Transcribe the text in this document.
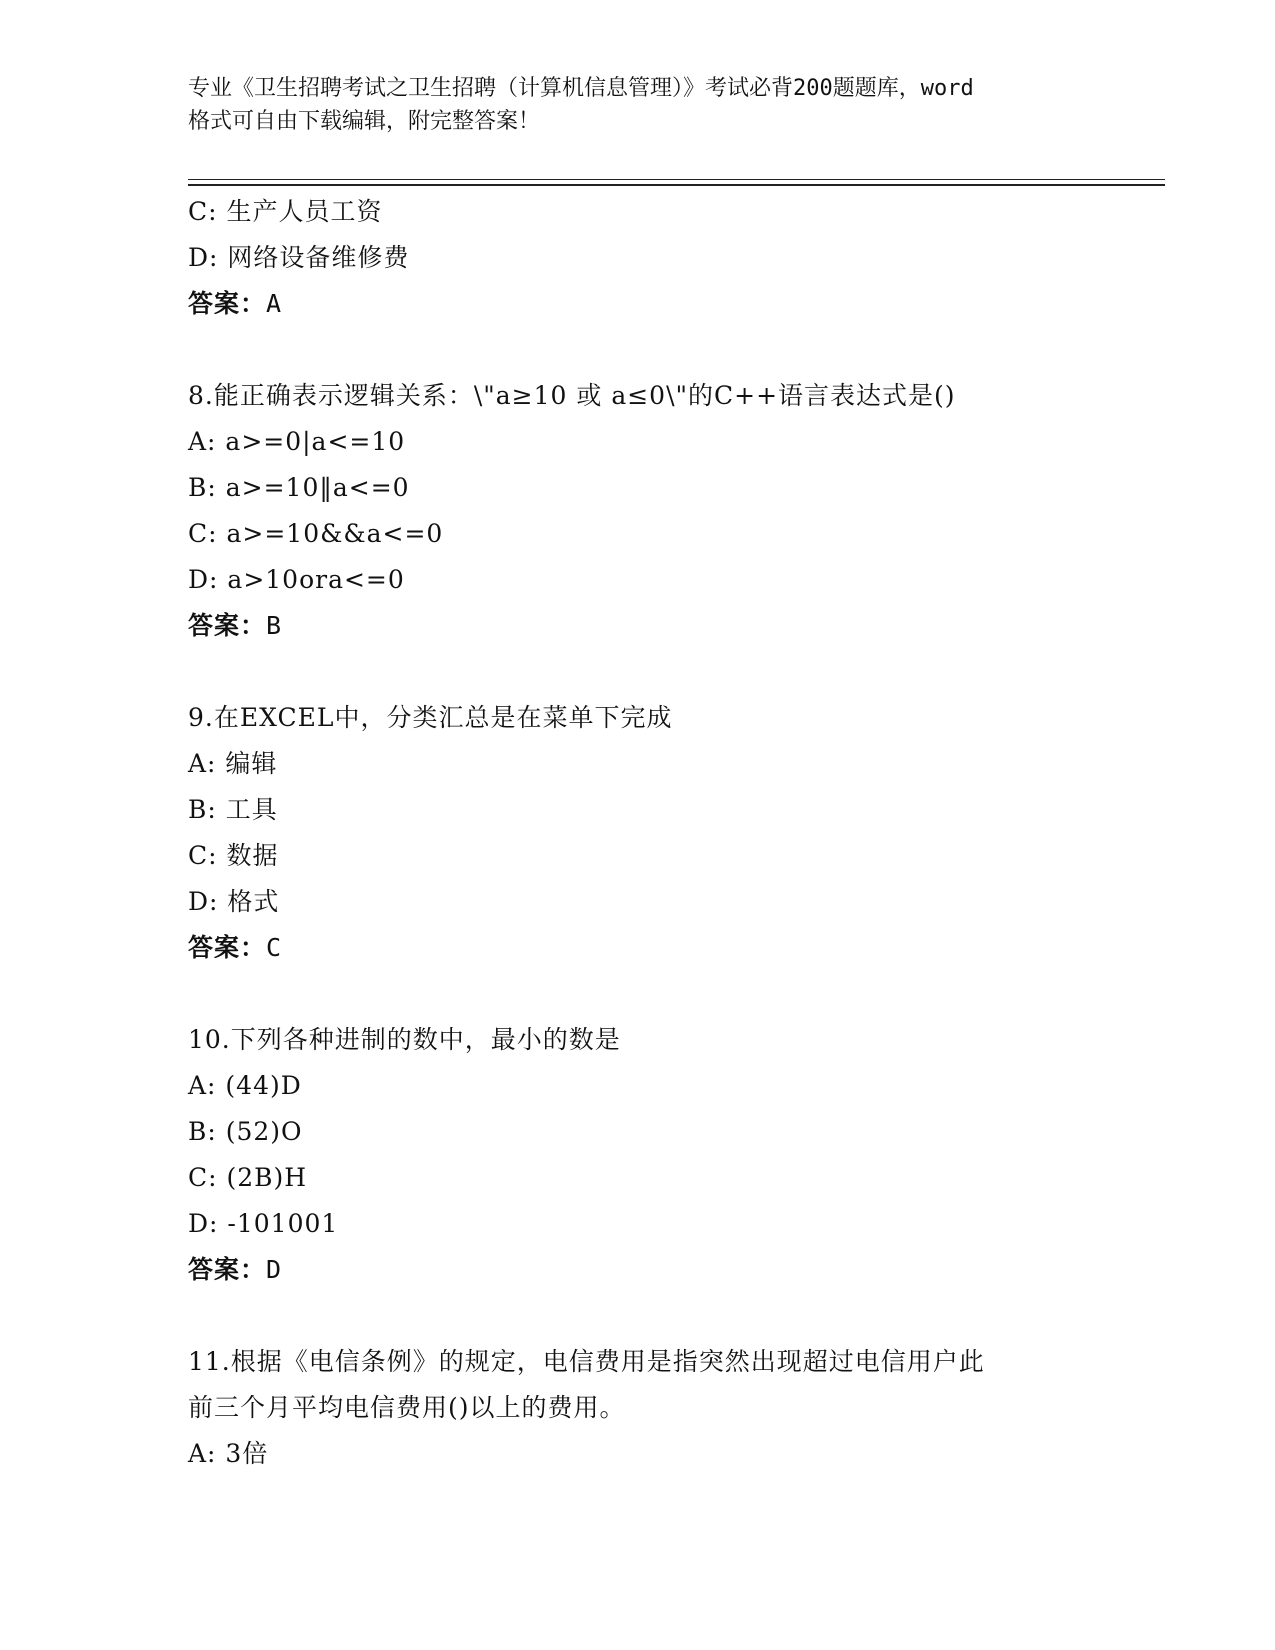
专业《卫生招聘考试之卫生招聘（计算机信息管理）》考试必背200题题库，word
格式可自由下载编辑，附完整答案！
C: 生产人员工资
D: 网络设备维修费
答案：A
8.能正确表示逻辑关系：\"a≥10 或 a≤0\"的C++语言表达式是()
A: a>=0|a<=10
B: a>=10‖a<=0
C: a>=10&&a<=0
D: a>10ora<=0
答案：B
9.在EXCEL中，分类汇总是在菜单下完成
A: 编辑
B: 工具
C: 数据
D: 格式
答案：C
10.下列各种进制的数中，最小的数是
A: (44)D
B: (52)O
C: (2B)H
D: -101001
答案：D
11.根据《电信条例》的规定，电信费用是指突然出现超过电信用户此
前三个月平均电信费用()以上的费用。
A: 3倍
